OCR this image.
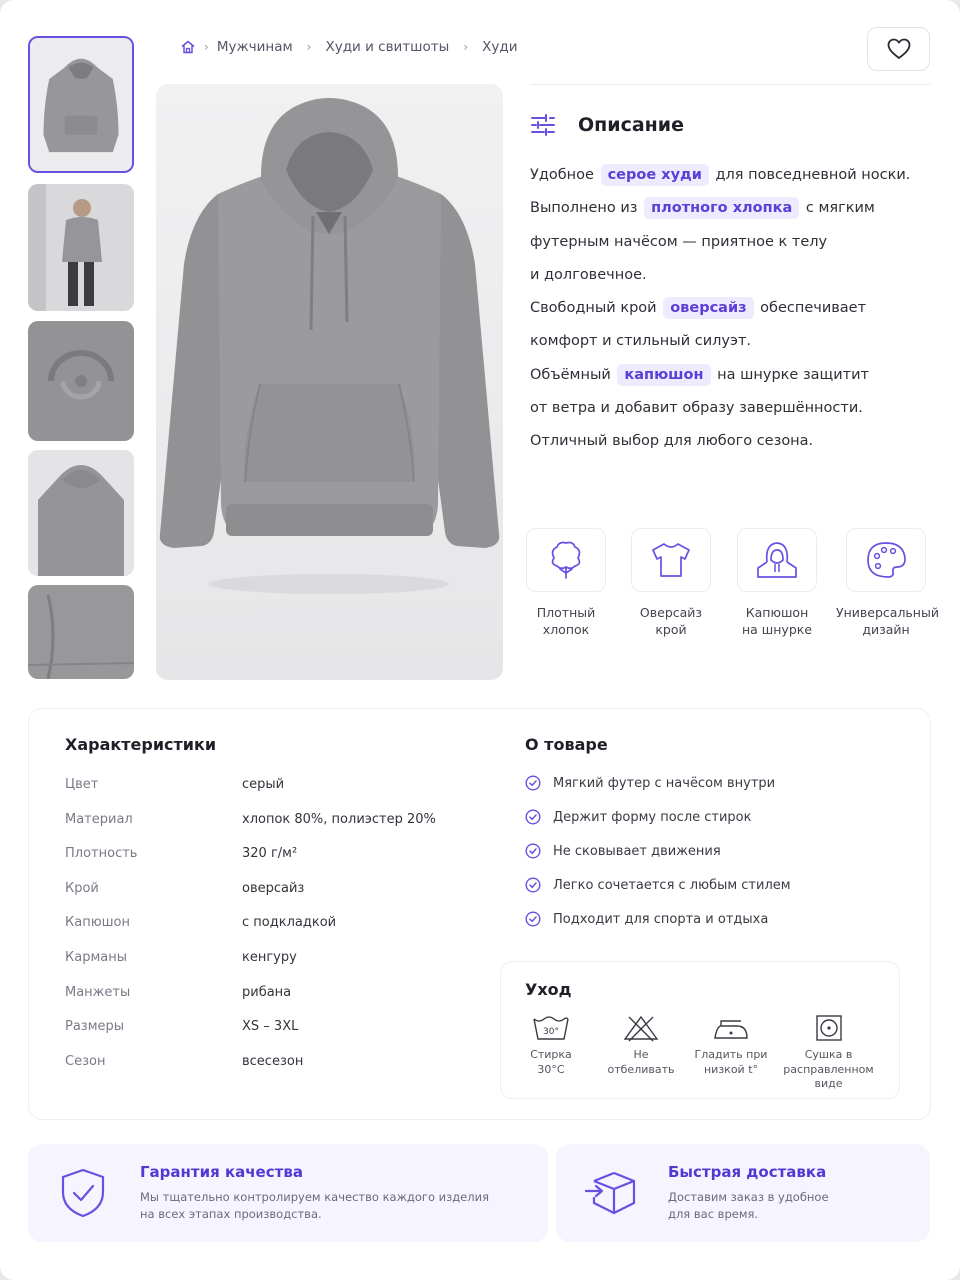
› Мужчинам › Худи и свитшоты › Худи
Описание
Удобное серое худи для повседневной носки.
Выполнено из плотного хлопка с мягким
футерным начёсом — приятное к телу
и долговечное.
Свободный крой оверсайз обеспечивает
комфорт и стильный силуэт.
Объёмный капюшон на шнурке защитит
от ветра и добавит образу завершённости.
Отличный выбор для любого сезона.
Плотный
хлопок
Оверсайз
крой
Капюшон
на шнурке
Универсальный
дизайн
Характеристики
Цвет	серый
Материал	хлопок 80%, полиэстер 20%
Плотность	320 г/м²
Крой	оверсайз
Капюшон	с подкладкой
Карманы	кенгуру
Манжеты	рибана
Размеры	XS – 3XL
Сезон	всесезон
О товаре
Мягкий футер с начёсом внутри
Держит форму после стирок
Не сковывает движения
Легко сочетается с любым стилем
Подходит для спорта и отдыха
Уход
30°
Стирка
30°C
Не
отбеливать
Гладить при
низкой t°
Сушка в
расправленном
виде
Гарантия качества
Мы тщательно контролируем качество каждого изделия
на всех этапах производства.
Быстрая доставка
Доставим заказ в удобное
для вас время.
